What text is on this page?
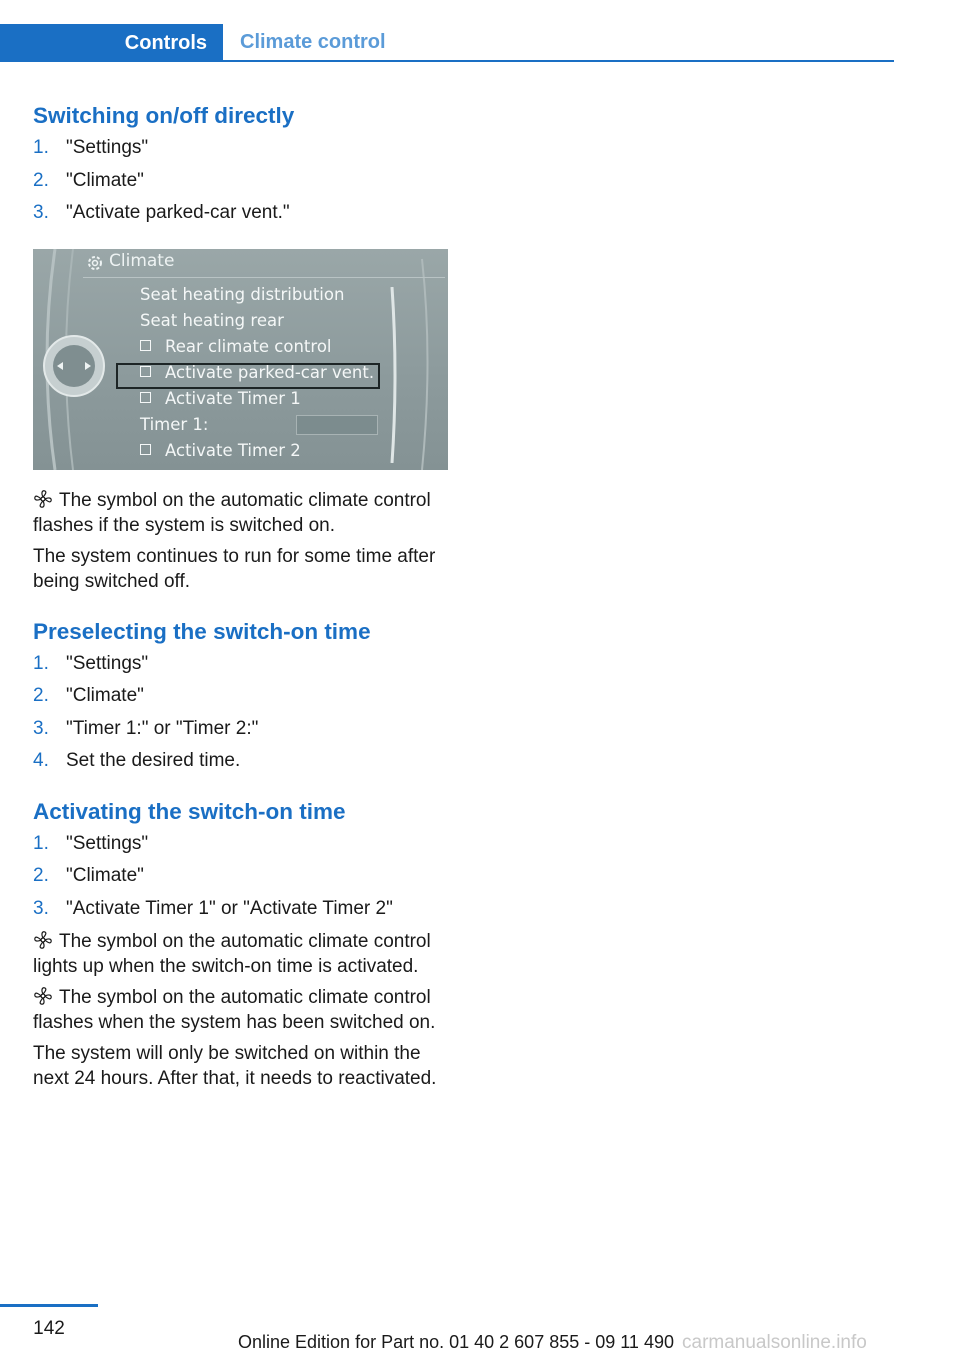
Controls	Climate control
Switching on/off directly
1. "Settings"
2. "Climate"
3. "Activate parked-car vent."
Climate
Seat heating distribution
Seat heating rear
Rear climate control
Activate parked-car vent.
Activate Timer 1
Timer 1:
Activate Timer 2

The symbol on the automatic climate control flashes if the system is switched on.

The system continues to run for some time after being switched off.

Preselecting the switch-on time
1. "Settings"
2. "Climate"
3. "Timer 1:" or "Timer 2:"
4. Set the desired time.
Activating the switch-on time
1. "Settings"
2. "Climate"
3. "Activate Timer 1" or "Activate Timer 2"

The symbol on the automatic climate control lights up when the switch-on time is activated.

The symbol on the automatic climate control flashes when the system has been switched on.

The system will only be switched on within the next 24 hours. After that, it needs to reactivated.

142
Online Edition for Part no. 01 40 2 607 855 - 09 11 490 carmanualsonline.info
